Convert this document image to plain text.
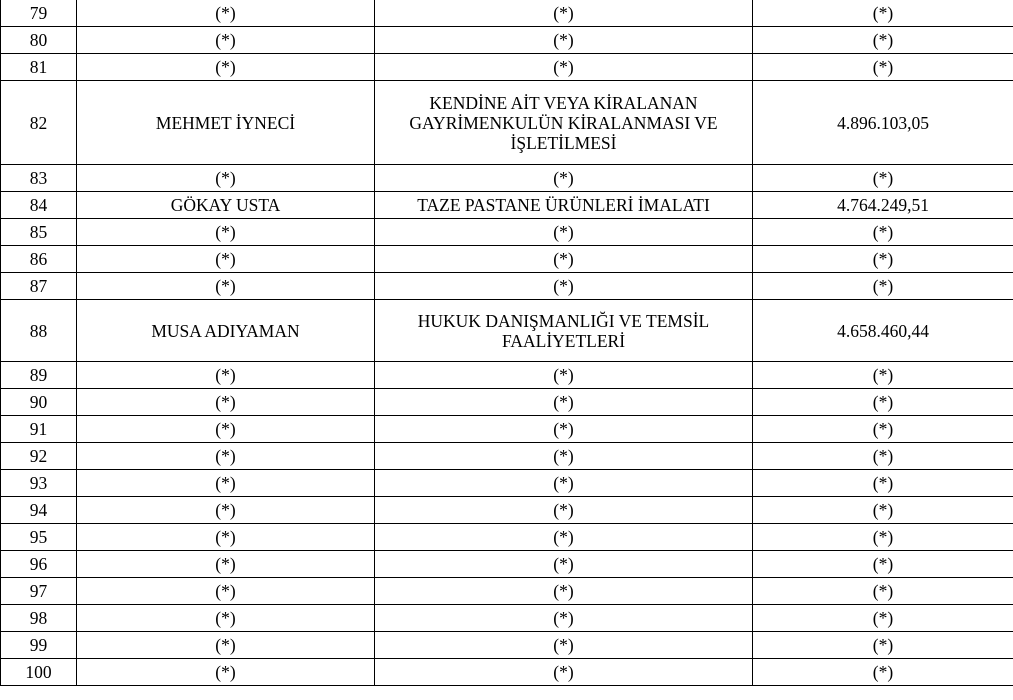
79	(*)	(*)	(*)
80	(*)	(*)	(*)
81	(*)	(*)	(*)
82	MEHMET İYNECİ	KENDİNE AİT VEYA KİRALANAN GAYRİMENKULÜN KİRALANMASI VE İŞLETİLMESİ	4.896.103,05
83	(*)	(*)	(*)
84	GÖKAY USTA	TAZE PASTANE ÜRÜNLERİ İMALATI	4.764.249,51
85	(*)	(*)	(*)
86	(*)	(*)	(*)
87	(*)	(*)	(*)
88	MUSA ADIYAMAN	HUKUK DANIŞMANLIĞI VE TEMSİL FAALİYETLERİ	4.658.460,44
89	(*)	(*)	(*)
90	(*)	(*)	(*)
91	(*)	(*)	(*)
92	(*)	(*)	(*)
93	(*)	(*)	(*)
94	(*)	(*)	(*)
95	(*)	(*)	(*)
96	(*)	(*)	(*)
97	(*)	(*)	(*)
98	(*)	(*)	(*)
99	(*)	(*)	(*)
100	(*)	(*)	(*)
